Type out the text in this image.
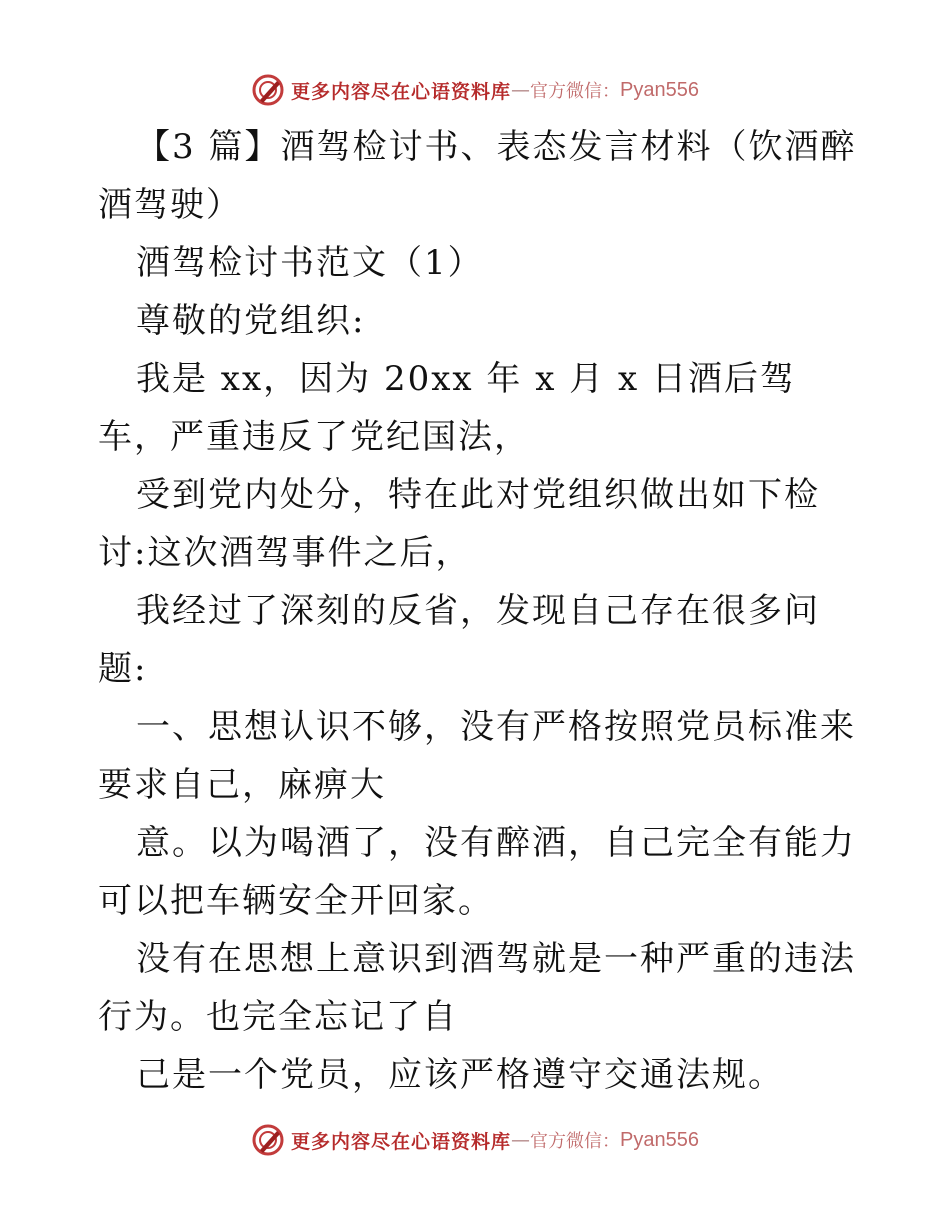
更多内容尽在心语资料库 — 官方微信： Pyan556

【3 篇】酒驾检讨书、表态发言材料（饮酒醉酒驾驶）

酒驾检讨书范文（1）

尊敬的党组织:

我是 xx，因为 20xx 年 x 月 x 日酒后驾车，严重违反了党纪国法，

受到党内处分，特在此对党组织做出如下检讨:这次酒驾事件之后，

我经过了深刻的反省，发现自己存在很多问题:

一、思想认识不够，没有严格按照党员标准来要求自己，麻痹大

意。以为喝酒了，没有醉酒，自己完全有能力可以把车辆安全开回家。

没有在思想上意识到酒驾就是一种严重的违法行为。也完全忘记了自

己是一个党员，应该严格遵守交通法规。

更多内容尽在心语资料库 — 官方微信： Pyan556
